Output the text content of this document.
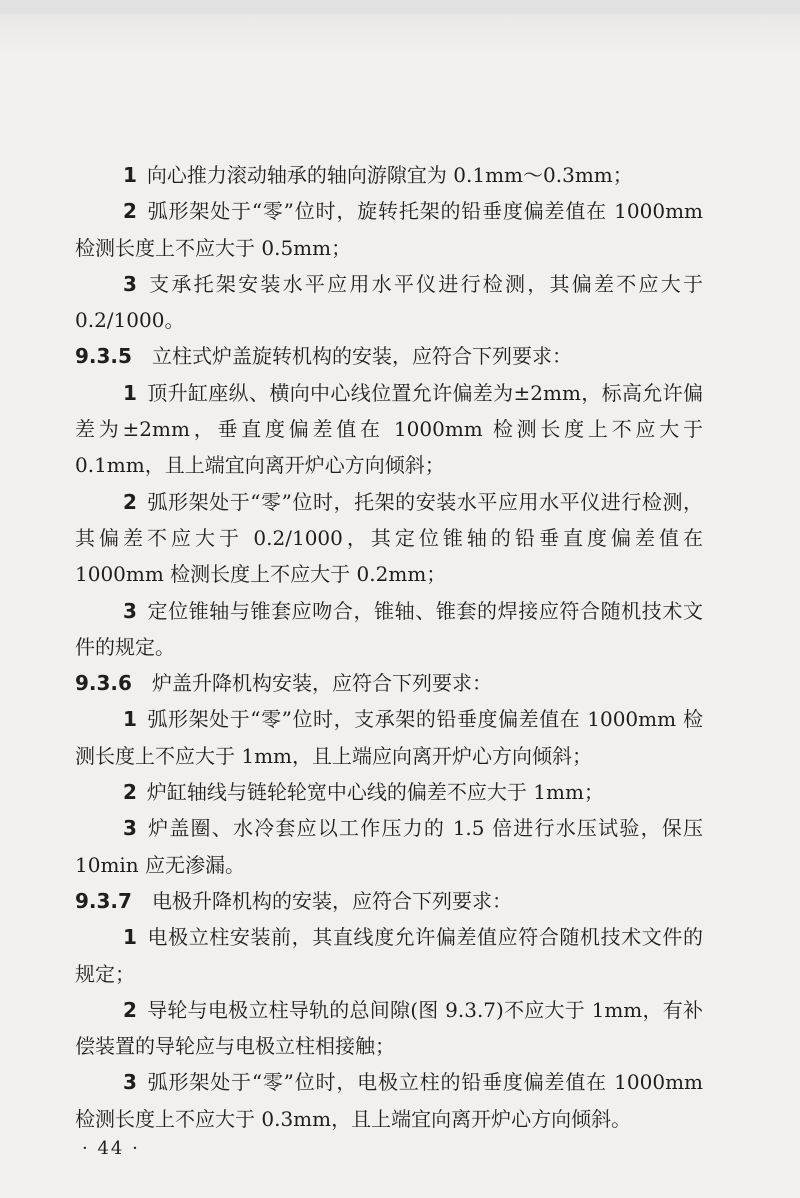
1 向心推力滚动轴承的轴向游隙宜为 0.1mm～0.3mm；

2 弧形架处于“零”位时，旋转托架的铅垂度偏差值在 1000mm 检测长度上不应大于 0.5mm；

3 支承托架安装水平应用水平仪进行检测，其偏差不应大于 0.2/1000。

9.3.5 立柱式炉盖旋转机构的安装，应符合下列要求：

1 顶升缸座纵、横向中心线位置允许偏差为±2mm，标高允许偏差为±2mm，垂直度偏差值在 1000mm 检测长度上不应大于 0.1mm，且上端宜向离开炉心方向倾斜；

2 弧形架处于“零”位时，托架的安装水平应用水平仪进行检测，其偏差不应大于 0.2/1000，其定位锥轴的铅垂直度偏差值在 1000mm 检测长度上不应大于 0.2mm；

3 定位锥轴与锥套应吻合，锥轴、锥套的焊接应符合随机技术文件的规定。

9.3.6 炉盖升降机构安装，应符合下列要求：

1 弧形架处于“零”位时，支承架的铅垂度偏差值在 1000mm 检测长度上不应大于 1mm，且上端应向离开炉心方向倾斜；

2 炉缸轴线与链轮轮宽中心线的偏差不应大于 1mm；

3 炉盖圈、水冷套应以工作压力的 1.5 倍进行水压试验，保压 10min 应无渗漏。

9.3.7 电极升降机构的安装，应符合下列要求：

1 电极立柱安装前，其直线度允许偏差值应符合随机技术文件的规定；

2 导轮与电极立柱导轨的总间隙(图 9.3.7)不应大于 1mm，有补偿装置的导轮应与电极立柱相接触；

3 弧形架处于“零”位时，电极立柱的铅垂度偏差值在 1000mm 检测长度上不应大于 0.3mm，且上端宜向离开炉心方向倾斜。

· 44 ·
